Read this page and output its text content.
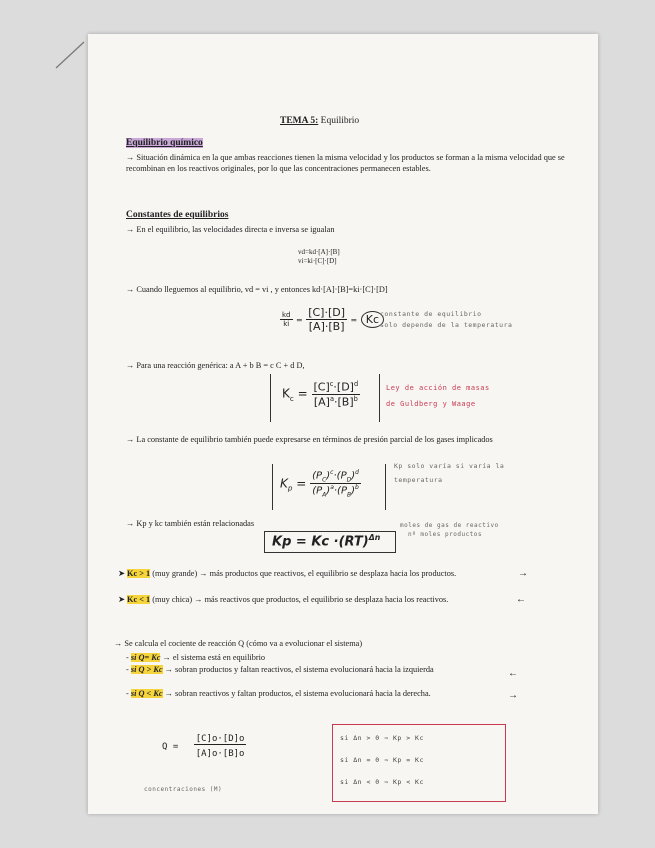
TEMA 5: Equilibrio
Equilibrio químico
→ Situación dinámica en la que ambas reacciones tienen la misma velocidad y los productos se forman a la misma velocidad que se recombinan en los reactivos originales, por lo que las concentraciones permanecen estables.
Constantes de equilibrios
→ En el equilibrio, las velocidades directa e inversa se igualan
vd=kd·[A]·[B]
vi=ki·[C]·[D]
→ Cuando lleguemos al equilibrio, vd = vi , y entonces kd·[A]·[B]=ki·[C]·[D]
$\frac{kd}{ki} = \frac{[C]\cdot[D]}{[A]\cdot[B]} = Kc$ constante de equilibrio
solo depende de la temperatura
→ Para una reacción genérica: a A + b B = c C + d D,
$K_c = \frac{[C]^c\cdot[D]^d}{[A]^a\cdot[B]^b}$	Ley de acción de masas
de Guldberg y Waage
→ La constante de equilibrio también puede expresarse en términos de presión parcial de los gases implicados
$K_p = \frac{(P_C)^c\cdot(P_D)^d}{(P_A)^a\cdot(P_B)^b}$
Kp solo varía si varía la
temperatura
→ Kp y kc también están relacionadas
Kp = Kc ·(RT)$^{\Delta n}$
moles de gas de reactivo
nº moles productos
➤ Kc > 1 (muy grande) → más productos que reactivos, el equilibrio se desplaza hacia los productos.	→
➤ Kc < 1 (muy chica) → más reactivos que productos, el equilibrio se desplaza hacia los reactivos.	←
→ Se calcula el cociente de reacción Q (cómo va a evolucionar el sistema)
- si Q= Kc → el sistema está en equilibrio
- si Q > Kc → sobran productos y faltan reactivos, el sistema evolucionará hacia la izquierda	←
- si Q < Kc → sobran reactivos y faltan productos, el sistema evolucionará hacia la derecha.	→
$Q = \frac{[C]o\cdot[D]o}{[A]o\cdot[B]o}$
concentraciones (M)
si Δn > 0 ⇒ Kp > Kc
si Δn = 0 ⇒ Kp = Kc
si Δn < 0 ⇒ Kp < Kc
